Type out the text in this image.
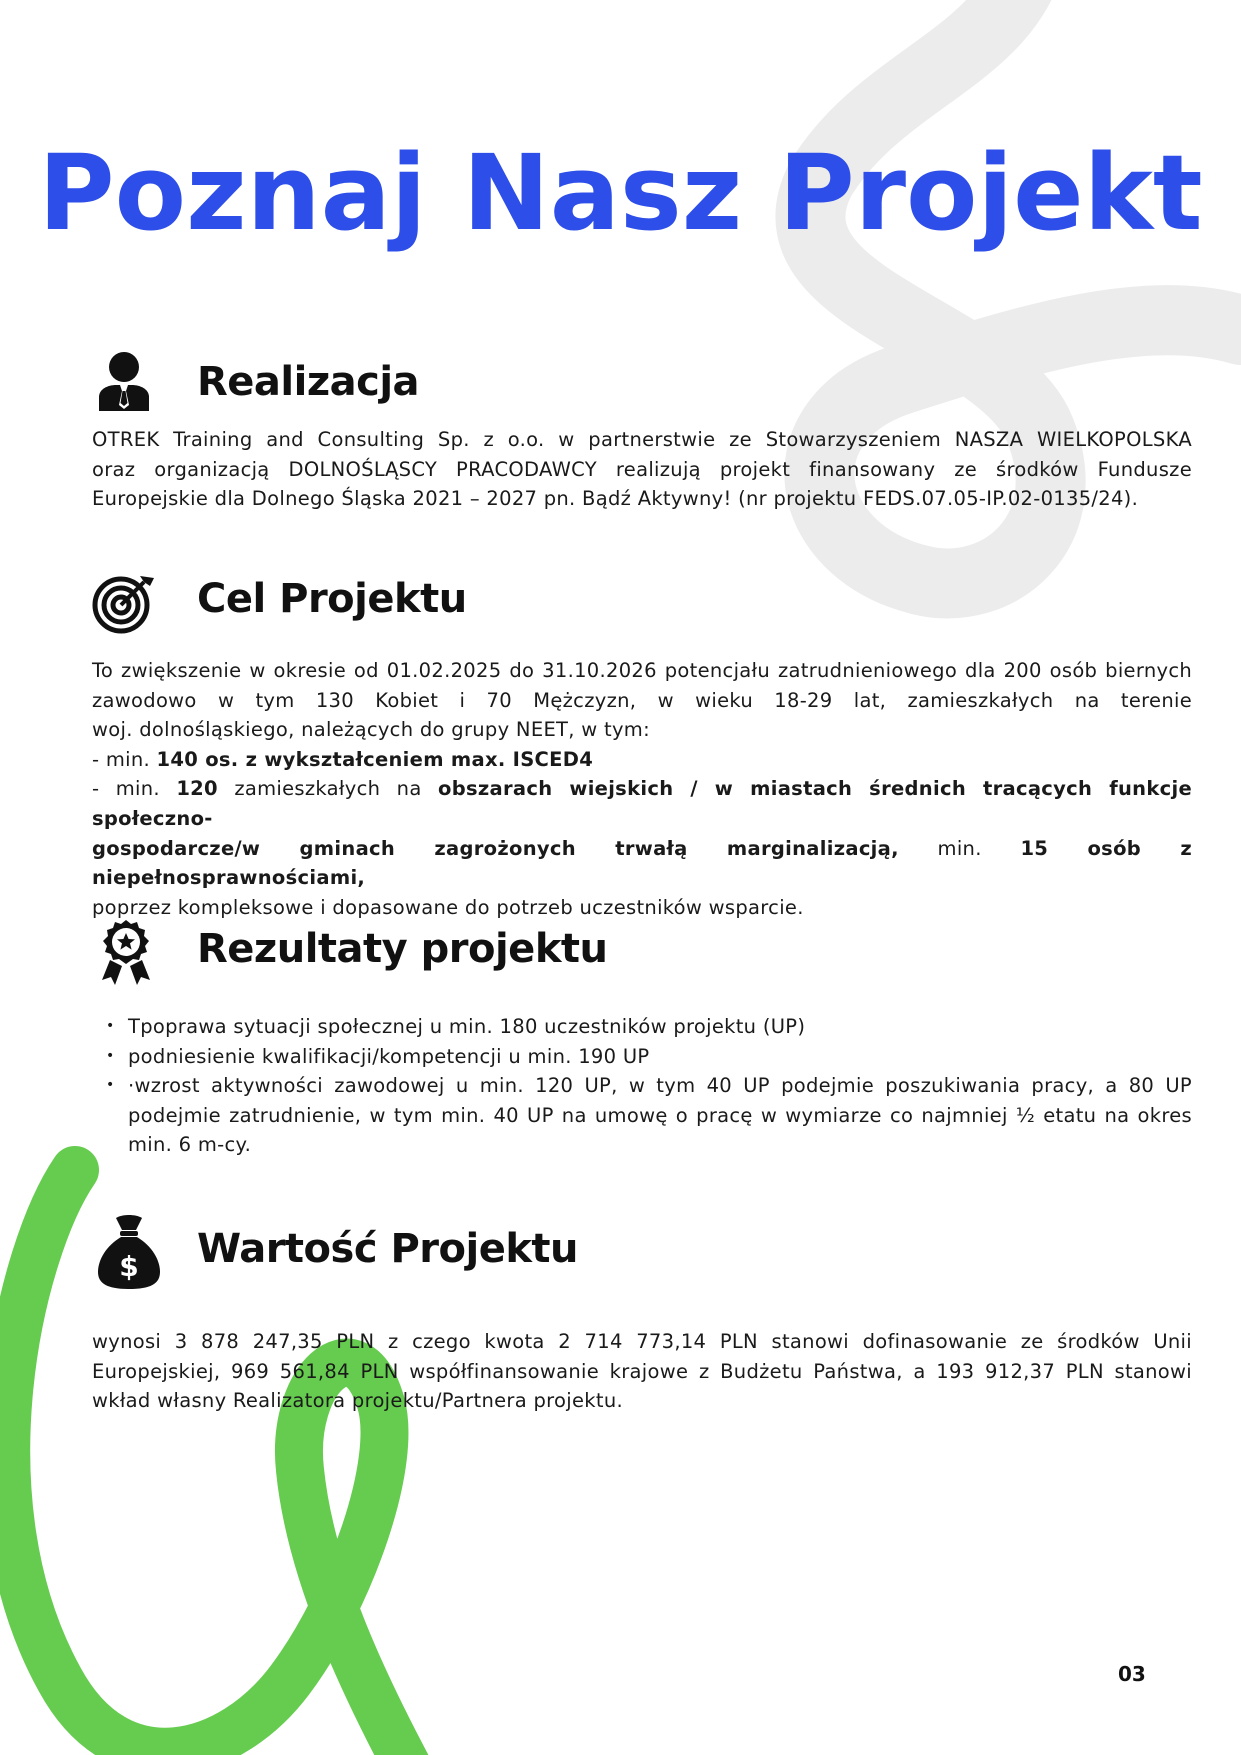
Poznaj Nasz Projekt
Realizacja
OTREK Training and Consulting Sp. z o.o. w partnerstwie ze Stowarzyszeniem NASZA WIELKOPOLSKA
oraz organizacją DOLNOŚLĄSCY PRACODAWCY realizują projekt finansowany ze środków Fundusze
Europejskie dla Dolnego Śląska 2021 – 2027 pn. Bądź Aktywny! (nr projektu FEDS.07.05-IP.02-0135/24).
Cel Projektu
To zwiększenie w okresie od 01.02.2025 do 31.10.2026 potencjału zatrudnieniowego dla 200 osób biernych
zawodowo w tym 130 Kobiet i 70 Mężczyzn, w wieku 18-29 lat, zamieszkałych na terenie
woj. dolnośląskiego, należących do grupy NEET, w tym:
- min. 140 os. z wykształceniem max. ISCED4
- min. 120 zamieszkałych na obszarach wiejskich / w miastach średnich tracących funkcje społeczno-
gospodarcze/w gminach zagrożonych trwałą marginalizacją, min. 15 osób z niepełnosprawnościami,
poprzez kompleksowe i dopasowane do potrzeb uczestników wsparcie.
Rezultaty projektu
• Tpoprawa sytuacji społecznej u min. 180 uczestników projektu (UP)
• podniesienie kwalifikacji/kompetencji u min. 190 UP
• ·wzrost aktywności zawodowej u min. 120 UP, w tym 40 UP podejmie poszukiwania pracy, a 80 UP
podejmie zatrudnienie, w tym min. 40 UP na umowę o pracę w wymiarze co najmniej ½ etatu na okres
min. 6 m-cy.
$ Wartość Projektu
wynosi 3 878 247,35 PLN z czego kwota 2 714 773,14 PLN stanowi dofinasowanie ze środków Unii
Europejskiej, 969 561,84 PLN współfinansowanie krajowe z Budżetu Państwa, a 193 912,37 PLN stanowi
wkład własny Realizatora projektu/Partnera projektu.
03
